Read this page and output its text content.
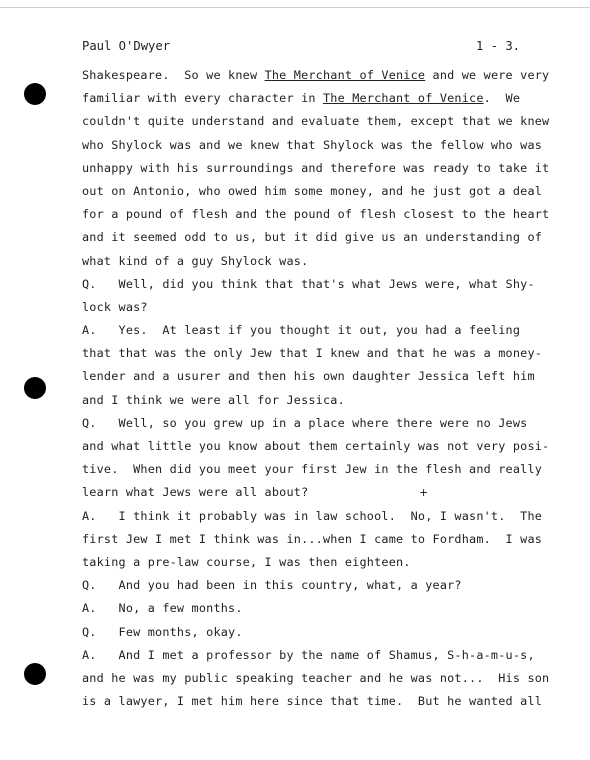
Paul O'Dwyer	1 - 3.
Shakespeare.  So we knew The Merchant of Venice and we were very
familiar with every character in The Merchant of Venice.  We
couldn't quite understand and evaluate them, except that we knew
who Shylock was and we knew that Shylock was the fellow who was
unhappy with his surroundings and therefore was ready to take it
out on Antonio, who owed him some money, and he just got a deal
for a pound of flesh and the pound of flesh closest to the heart
and it seemed odd to us, but it did give us an understanding of
what kind of a guy Shylock was.
Q.   Well, did you think that that's what Jews were, what Shy-
lock was?
A.   Yes.  At least if you thought it out, you had a feeling
that that was the only Jew that I knew and that he was a money-
lender and a usurer and then his own daughter Jessica left him
and I think we were all for Jessica.
Q.   Well, so you grew up in a place where there were no Jews
and what little you know about them certainly was not very posi-
tive.  When did you meet your first Jew in the flesh and really
learn what Jews were all about?
A.   I think it probably was in law school.  No, I wasn't.  The
first Jew I met I think was in...when I came to Fordham.  I was
taking a pre-law course, I was then eighteen.
Q.   And you had been in this country, what, a year?
A.   No, a few months.
Q.   Few months, okay.
A.   And I met a professor by the name of Shamus, S-h-a-m-u-s,
and he was my public speaking teacher and he was not...  His son
is a lawyer, I met him here since that time.  But he wanted all
+
